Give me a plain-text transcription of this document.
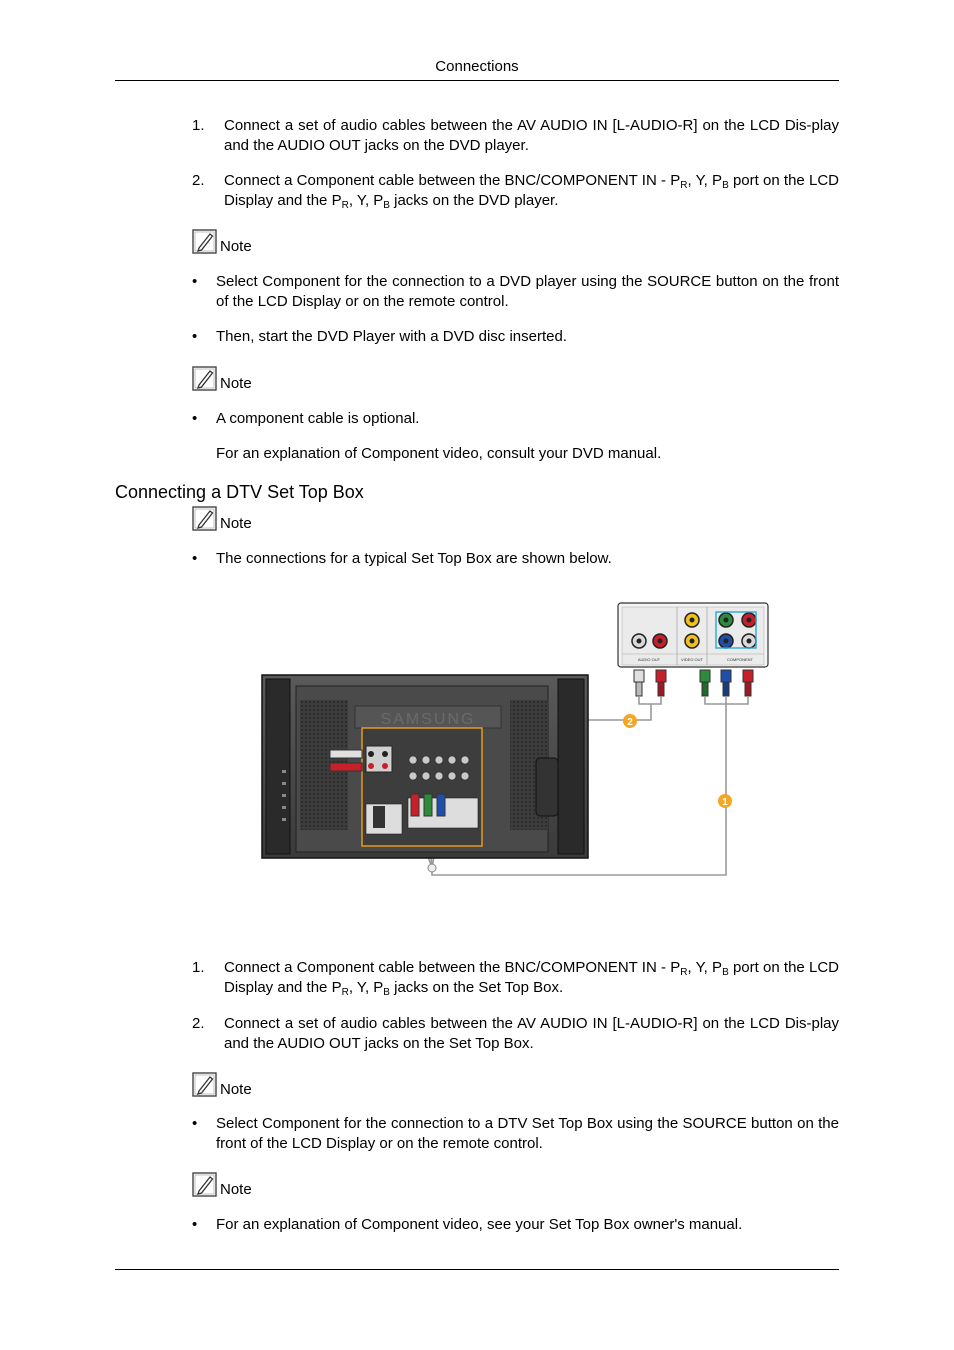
Connections
1. Connect a set of audio cables between the AV AUDIO IN [L-AUDIO-R] on the LCD Dis-play and the AUDIO OUT jacks on the DVD player.
2. Connect a Component cable between the BNC/COMPONENT IN - $P_R$, Y, $P_B$ port on the LCD Display and the $P_R$, Y, $P_B$ jacks on the DVD player.
Note
• Select Component for the connection to a DVD player using the SOURCE button on the front of the LCD Display or on the remote control.
• Then, start the DVD Player with a DVD disc inserted.
Note
• A component cable is optional.
For an explanation of Component video, consult your DVD manual.
Connecting a DTV Set Top Box
Note
• The connections for a typical Set Top Box are shown below.
AUDIO OUT	VIDEO OUT	COMPONENT
SAMSUNG	2
1
1. Connect a Component cable between the BNC/COMPONENT IN - $P_R$, Y, $P_B$ port on the LCD Display and the $P_R$, Y, $P_B$ jacks on the Set Top Box.
2. Connect a set of audio cables between the AV AUDIO IN [L-AUDIO-R] on the LCD Dis-play and the AUDIO OUT jacks on the Set Top Box.
Note
• Select Component for the connection to a DTV Set Top Box using the SOURCE button on the front of the LCD Display or on the remote control.
Note
• For an explanation of Component video, see your Set Top Box owner's manual.
